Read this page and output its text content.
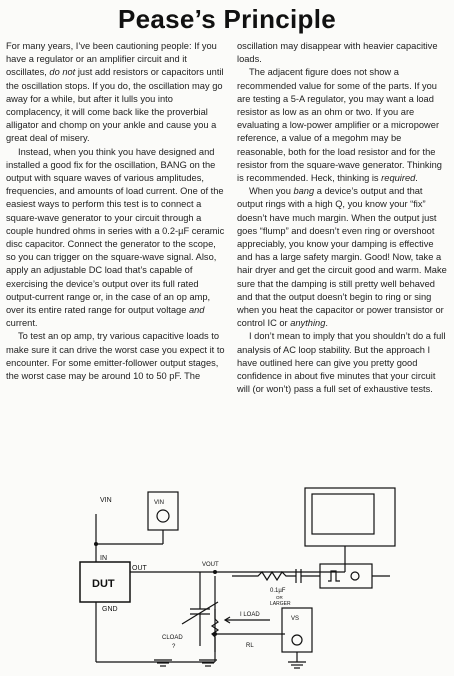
Pease’s Principle

For many years, I’ve been cautioning people: If you have a regulator or an amplifier circuit and it oscillates, do not just add resistors or capacitors until the oscillation stops. If you do, the oscillation may go away for a while, but after it lulls you into complacency, it will come back like the proverbial alligator and chomp on your ankle and cause you a great deal of misery.

Instead, when you think you have designed and installed a good fix for the oscillation, BANG on the output with square waves of various amplitudes, frequencies, and amounts of load current. One of the easiest ways to perform this test is to connect a square-wave generator to your circuit through a couple hundred ohms in series with a 0.2-µF ceramic disc capacitor. Connect the generator to the scope, so you can trigger on the square-wave signal. Also, apply an adjustable DC load that’s capable of exercising the device’s output over its full rated output-current range or, in the case of an op amp, over its entire rated range for output voltage and current.

To test an op amp, try various capacitive loads to make sure it can drive the worst case you expect it to encounter. For some emitter-follower output stages, the worst case may be around 10 to 50 pF. The

oscillation may disappear with heavier capacitive loads.

The adjacent figure does not show a recommended value for some of the parts. If you are testing a 5-A regulator, you may want a load resistor as low as an ohm or two. If you are evaluating a low-power amplifier or a micropower reference, a value of a megohm may be reasonable, both for the load resistor and for the resistor from the square-wave generator. Thinking is recommended. Heck, thinking is required.

When you bang a device’s output and that output rings with a high Q, you know your “fix” doesn’t have much margin. When the output just goes “flump” and doesn’t even ring or overshoot appreciably, you know your damping is effective and has a large safety margin. Good! Now, take a hair dryer and get the circuit good and warm. Make sure that the damping is still pretty well behaved and that the output doesn’t begin to ring or sing when you heat the capacitor or power transistor or control IC or anything.

I don’t mean to imply that you shouldn’t do a full analysis of AC loop stability. But the approach I have outlined here can give you pretty good confidence in about five minutes that your circuit will (or won’t) pass a full set of exhaustive tests.

VIN	VIN
IN
DUT
OUT
GND
VOUT
0.1µF
OR
LARGER
I LOAD
RL
CLOAD
?
VS
